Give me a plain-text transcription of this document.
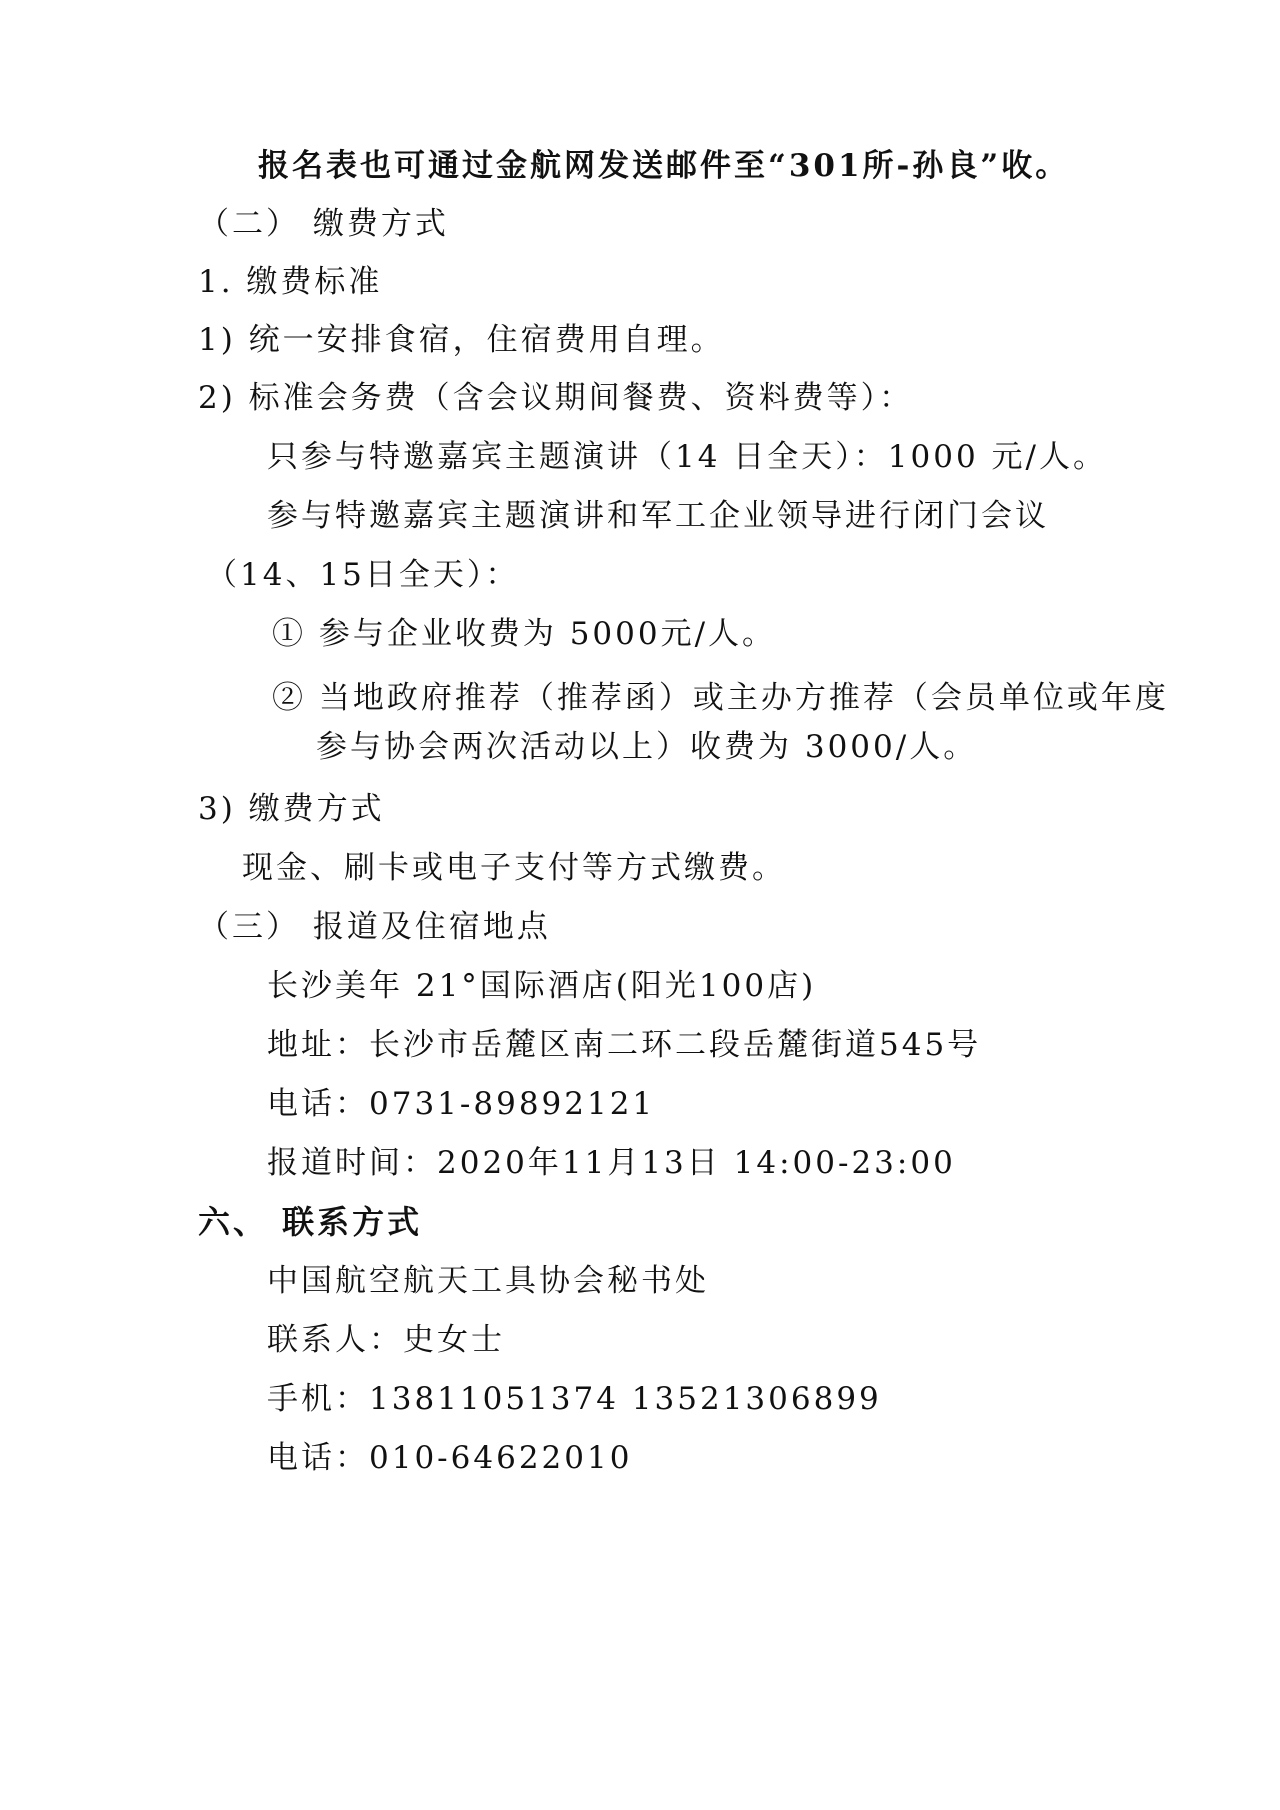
报名表也可通过金航网发送邮件至“301所-孙良”收。
（二） 缴费方式
1. 缴费标准
1) 统一安排食宿，住宿费用自理。
2) 标准会务费（含会议期间餐费、资料费等）：
只参与特邀嘉宾主题演讲（14 日全天）：1000 元/人。
参与特邀嘉宾主题演讲和军工企业领导进行闭门会议
（14、15日全天）：
① 参与企业收费为 5000元/人。
② 当地政府推荐（推荐函）或主办方推荐（会员单位或年度
参与协会两次活动以上）收费为 3000/人。
3) 缴费方式
现金、刷卡或电子支付等方式缴费。
（三） 报道及住宿地点
长沙美年 21°国际酒店(阳光100店)
地址：长沙市岳麓区南二环二段岳麓街道545号
电话：0731-89892121
报道时间：2020年11月13日 14:00-23:00
六、 联系方式
中国航空航天工具协会秘书处
联系人：史女士
手机：13811051374 13521306899
电话：010-64622010
